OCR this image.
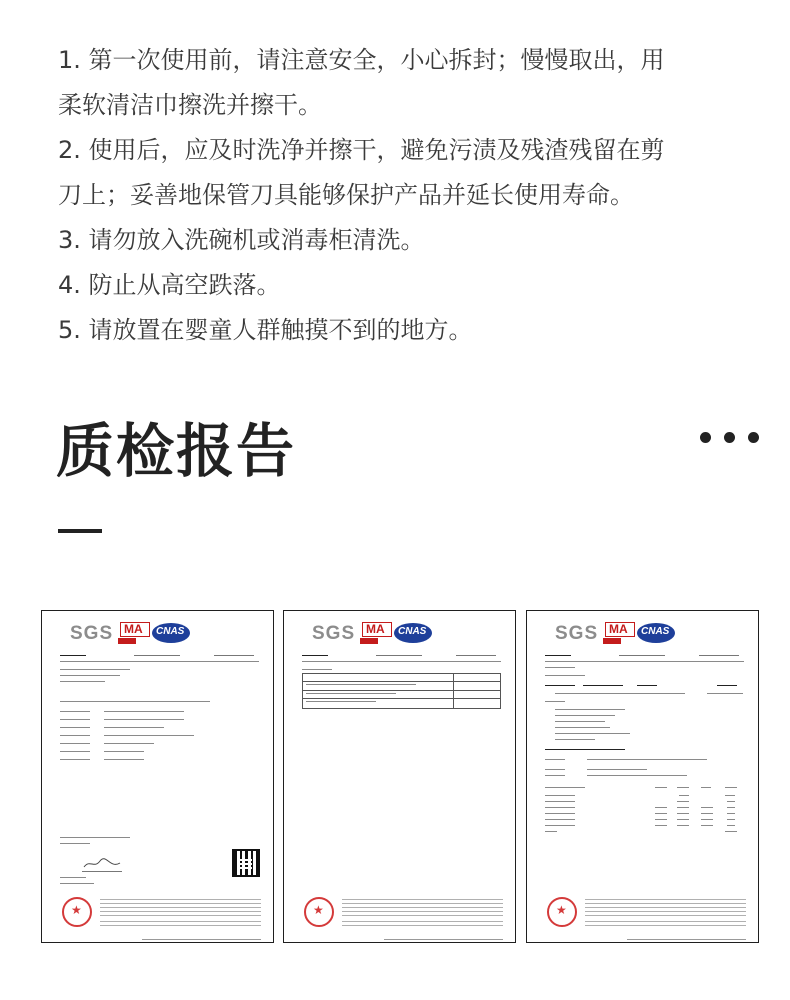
1. 第一次使用前，请注意安全，小心拆封；慢慢取出，用

柔软清洁巾擦洗并擦干。

2. 使用后，应及时洗净并擦干，避免污渍及残渣残留在剪

刀上；妥善地保管刀具能够保护产品并延长使用寿命。

3. 请勿放入洗碗机或消毒柜清洗。

4. 防止从高空跌落。

5. 请放置在婴童人群触摸不到的地方。

质检报告
SGS MA
CNAS
★	SGS MA
CNAS
★	SGS MA
CNAS
★
